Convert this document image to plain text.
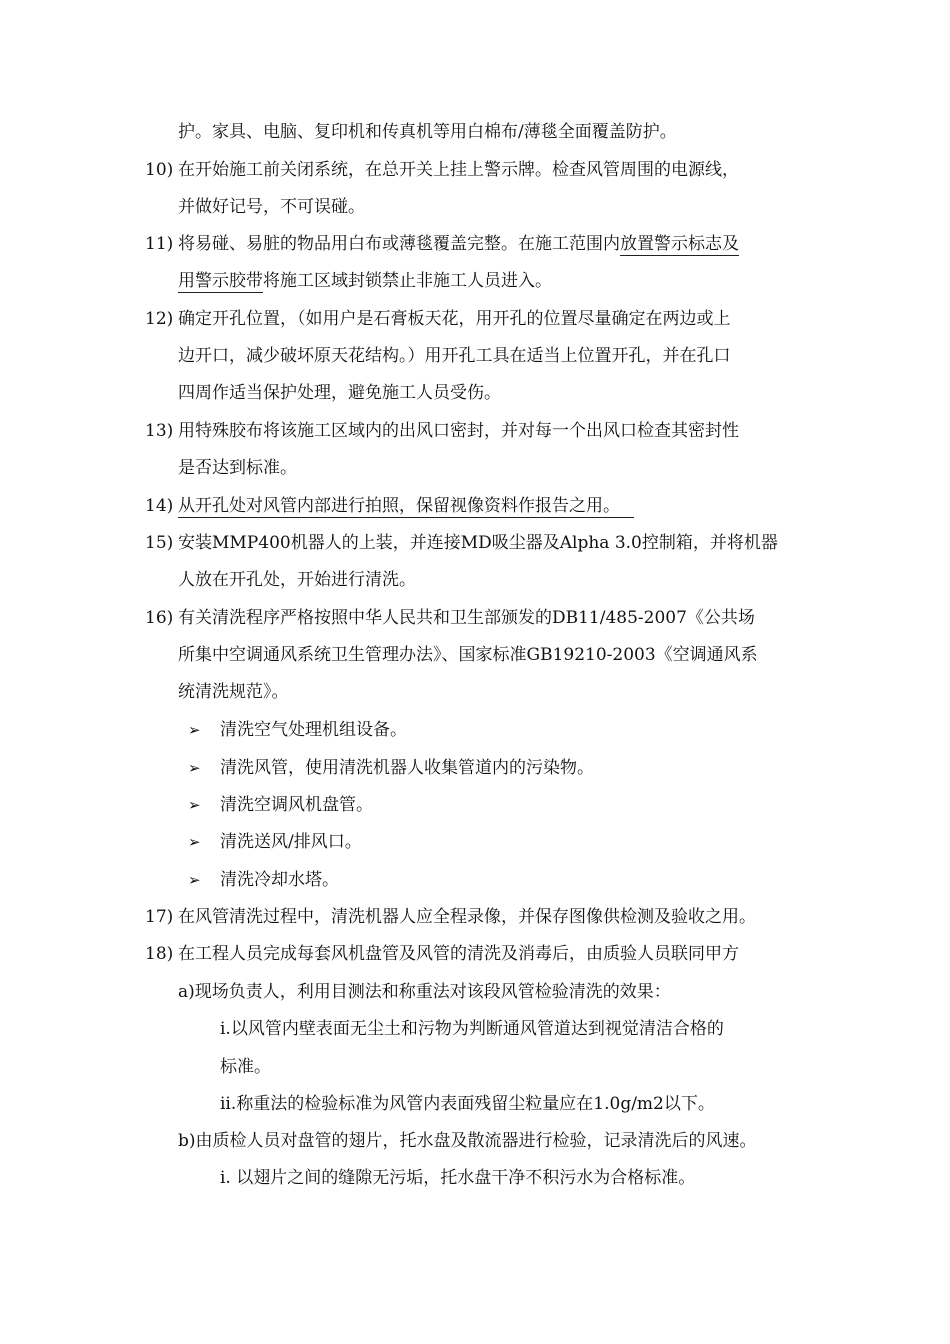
护。家具、电脑、复印机和传真机等用白棉布/薄毯全面覆盖防护。
10) 在开始施工前关闭系统，在总开关上挂上警示牌。检查风管周围的电源线，
并做好记号，不可误碰。
11) 将易碰、易脏的物品用白布或薄毯覆盖完整。在施工范围内放置警示标志及
用警示胶带将施工区域封锁禁止非施工人员进入。
12) 确定开孔位置，（如用户是石膏板天花，用开孔的位置尽量确定在两边或上
边开口，减少破坏原天花结构。）用开孔工具在适当上位置开孔，并在孔口
四周作适当保护处理，避免施工人员受伤。
13) 用特殊胶布将该施工区域内的出风口密封，并对每一个出风口检查其密封性
是否达到标准。
14) 从开孔处对风管内部进行拍照，保留视像资料作报告之用。
15) 安装MMP400机器人的上装，并连接MD吸尘器及Alpha 3.0控制箱，并将机器
人放在开孔处，开始进行清洗。
16) 有关清洗程序严格按照中华人民共和卫生部颁发的DB11/485-2007《公共场
所集中空调通风系统卫生管理办法》、国家标准GB19210-2003《空调通风系
统清洗规范》。
➢ 清洗空气处理机组设备。
➢ 清洗风管，使用清洗机器人收集管道内的污染物。
➢ 清洗空调风机盘管。
➢ 清洗送风/排风口。
➢ 清洗冷却水塔。
17) 在风管清洗过程中，清洗机器人应全程录像，并保存图像供检测及验收之用。
18) 在工程人员完成每套风机盘管及风管的清洗及消毒后，由质验人员联同甲方
a)现场负责人，利用目测法和称重法对该段风管检验清洗的效果：
i.以风管内壁表面无尘土和污物为判断通风管道达到视觉清洁合格的
标准。
ii.称重法的检验标准为风管内表面残留尘粒量应在1.0g/m2以下。
b)由质检人员对盘管的翅片，托水盘及散流器进行检验，记录清洗后的风速。
i. 以翅片之间的缝隙无污垢，托水盘干净不积污水为合格标准。
